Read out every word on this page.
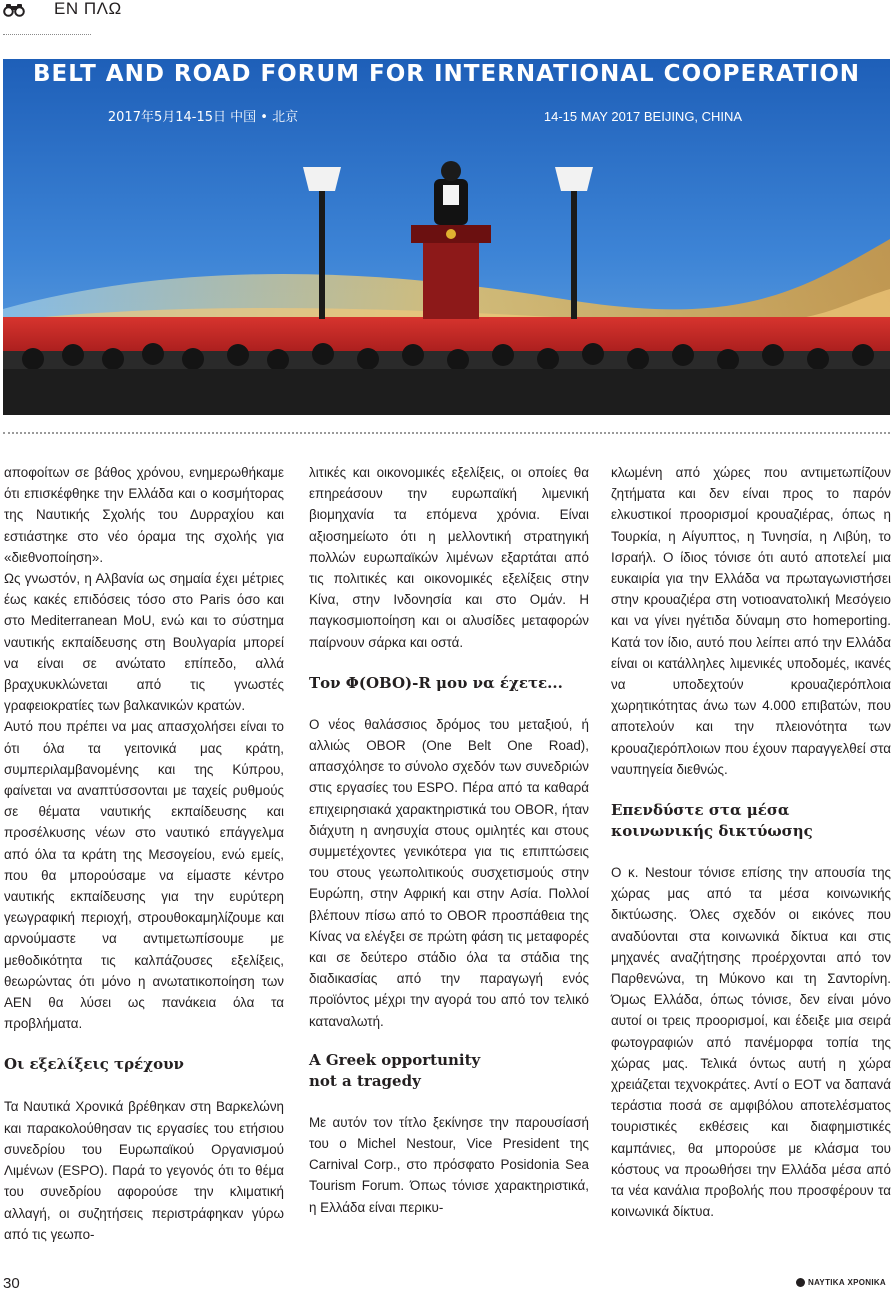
ΕΝ ΠΛΩ
BELT AND ROAD FORUM FOR INTERNATIONAL COOPERATION
2017年5月14-15日 中国 • 北京	14-15 MAY 2017 BEIJING, CHINA

αποφοίτων σε βάθος χρόνου, ενημερωθήκαμε ότι επισκέφθηκε την Ελλάδα και ο κοσμήτορας της Ναυτικής Σχολής του Δυρραχίου και εστιάστηκε στο νέο όραμα της σχολής για «διεθνοποίηση».

Ως γνωστόν, η Αλβανία ως σημαία έχει μέτριες έως κακές επιδόσεις τόσο στο Paris όσο και στο Mediterranean MoU, ενώ και το σύστημα ναυτικής εκπαίδευσης στη Βουλγαρία μπορεί να είναι σε ανώτατο επίπεδο, αλλά βραχυκυκλώνεται από τις γνωστές γραφειοκρατίες των βαλκανικών κρατών.

Αυτό που πρέπει να μας απασχολήσει είναι το ότι όλα τα γειτονικά μας κράτη, συμπεριλαμβανομένης και της Κύπρου, φαίνεται να αναπτύσσονται με ταχείς ρυθμούς σε θέματα ναυτικής εκπαίδευσης και προσέλκυσης νέων στο ναυτικό επάγγελμα από όλα τα κράτη της Μεσογείου, ενώ εμείς, που θα μπορούσαμε να είμαστε κέντρο ναυτικής εκπαίδευσης για την ευρύτερη γεωγραφική περιοχή, στρουθοκαμηλίζουμε και αρνούμαστε να αντιμετωπίσουμε με μεθοδικότητα τις καλπάζουσες εξελίξεις, θεωρώντας ότι μόνο η ανωτατικοποίηση των ΑΕΝ θα λύσει ως πανάκεια όλα τα προβλήματα.

Οι εξελίξεις τρέχουν

Τα Ναυτικά Χρονικά βρέθηκαν στη Βαρκελώνη και παρακολούθησαν τις εργασίες του ετήσιου συνεδρίου του Ευρωπαϊκού Οργανισμού Λιμένων (ESPO). Παρά το γεγονός ότι το θέμα του συνεδρίου αφορούσε την κλιματική αλλαγή, οι συζητήσεις περιστράφηκαν γύρω από τις γεωπο-

λιτικές και οικονομικές εξελίξεις, οι οποίες θα επηρεάσουν την ευρωπαϊκή λιμενική βιομηχανία τα επόμενα χρόνια. Είναι αξιοσημείωτο ότι η μελλοντική στρατηγική πολλών ευρωπαϊκών λιμένων εξαρτάται από τις πολιτικές και οικονομικές εξελίξεις στην Κίνα, στην Ινδονησία και στο Ομάν. Η παγκοσμιοποίηση και οι αλυσίδες μεταφορών παίρνουν σάρκα και οστά.

Τον Φ(OBO)-R μου να έχετε...

Ο νέος θαλάσσιος δρόμος του μεταξιού, ή αλλιώς OBOR (One Belt One Road), απασχόλησε το σύνολο σχεδόν των συνεδριών στις εργασίες του ESPO. Πέρα από τα καθαρά επιχειρησιακά χαρακτηριστικά του OBOR, ήταν διάχυτη η ανησυχία στους ομιλητές και στους συμμετέχοντες γενικότερα για τις επιπτώσεις του στους γεωπολιτικούς συσχετισμούς στην Ευρώπη, στην Αφρική και στην Ασία. Πολλοί βλέπουν πίσω από το OBOR προσπάθεια της Κίνας να ελέγξει σε πρώτη φάση τις μεταφορές και σε δεύτερο στάδιο όλα τα στάδια της διαδικασίας από την παραγωγή ενός προϊόντος μέχρι την αγορά του από τον τελικό καταναλωτή.

A Greek opportunity
not a tragedy

Με αυτόν τον τίτλο ξεκίνησε την παρουσίασή του ο Michel Nestour, Vice President της Carnival Corp., στο πρόσφατο Posidonia Sea Tourism Forum. Όπως τόνισε χαρακτηριστικά, η Ελλάδα είναι περικυ-

κλωμένη από χώρες που αντιμετωπίζουν ζητήματα και δεν είναι προς το παρόν ελκυστικοί προορισμοί κρουαζιέρας, όπως η Τουρκία, η Αίγυπτος, η Τυνησία, η Λιβύη, το Ισραήλ. Ο ίδιος τόνισε ότι αυτό αποτελεί μια ευκαιρία για την Ελλάδα να πρωταγωνιστήσει στην κρουαζιέρα στη νοτιοανατολική Μεσόγειο και να γίνει ηγέτιδα δύναμη στο homeporting. Κατά τον ίδιο, αυτό που λείπει από την Ελλάδα είναι οι κατάλληλες λιμενικές υποδομές, ικανές να υποδεχτούν κρουαζιερόπλοια χωρητικότητας άνω των 4.000 επιβατών, που αποτελούν και την πλειονότητα των κρουαζιερόπλοιων που έχουν παραγγελθεί στα ναυπηγεία διεθνώς.

Επενδύστε στα μέσα
κοινωνικής δικτύωσης

Ο κ. Nestour τόνισε επίσης την απουσία της χώρας μας από τα μέσα κοινωνικής δικτύωσης. Όλες σχεδόν οι εικόνες που αναδύονται στα κοινωνικά δίκτυα και στις μηχανές αναζήτησης προέρχονται από τον Παρθενώνα, τη Μύκονο και τη Σαντορίνη. Όμως Ελλάδα, όπως τόνισε, δεν είναι μόνο αυτοί οι τρεις προορισμοί, και έδειξε μια σειρά φωτογραφιών από πανέμορφα τοπία της χώρας μας. Τελικά όντως αυτή η χώρα χρειάζεται τεχνοκράτες. Αντί ο ΕΟΤ να δαπανά τεράστια ποσά σε αμφιβόλου αποτελέσματος τουριστικές εκθέσεις και διαφημιστικές καμπάνιες, θα μπορούσε με κλάσμα του κόστους να προωθήσει την Ελλάδα μέσα από τα νέα κανάλια προβολής που προσφέρουν τα κοινωνικά δίκτυα.

30	ΝΑΥΤΙΚΑ ΧΡΟΝΙΚΑ
